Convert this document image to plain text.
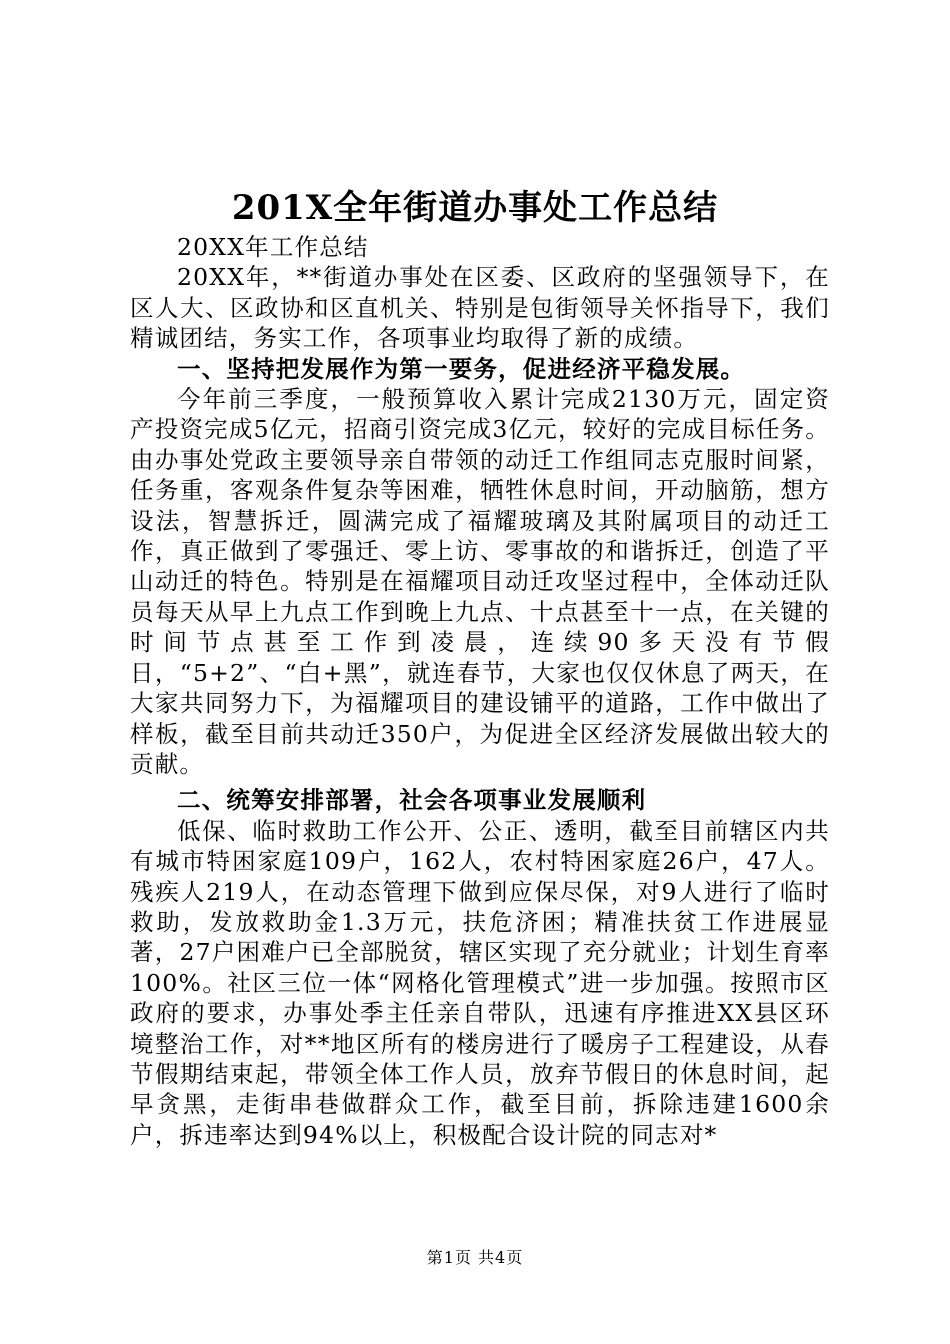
201X全年街道办事处工作总结

20XX年工作总结

20XX年，**街道办事处在区委、区政府的坚强领导下，在区人大、区政协和区直机关、特别是包街领导关怀指导下，我们精诚团结，务实工作，各项事业均取得了新的成绩。

一、坚持把发展作为第一要务，促进经济平稳发展。

今年前三季度，一般预算收入累计完成2130万元，固定资产投资完成5亿元，招商引资完成3亿元，较好的完成目标任务。由办事处党政主要领导亲自带领的动迁工作组同志克服时间紧，任务重，客观条件复杂等困难，牺牲休息时间，开动脑筋，想方设法，智慧拆迁，圆满完成了福耀玻璃及其附属项目的动迁工作，真正做到了零强迁、零上访、零事故的和谐拆迁，创造了平山动迁的特色。特别是在福耀项目动迁攻坚过程中，全体动迁队员每天从早上九点工作到晚上九点、十点甚至十一点，在关键的时间节点甚至工作到凌晨，连续90多天没有节假日，“5+2”、“白+黑”，就连春节，大家也仅仅休息了两天，在大家共同努力下，为福耀项目的建设铺平的道路，工作中做出了样板，截至目前共动迁350户，为促进全区经济发展做出较大的贡献。

二、统筹安排部署，社会各项事业发展顺利

低保、临时救助工作公开、公正、透明，截至目前辖区内共有城市特困家庭109户，162人，农村特困家庭26户，47人。残疾人219人，在动态管理下做到应保尽保，对9人进行了临时救助，发放救助金1.3万元，扶危济困；精准扶贫工作进展显著，27户困难户已全部脱贫，辖区实现了充分就业；计划生育率100%。社区三位一体“网格化管理模式”进一步加强。按照市区政府的要求，办事处季主任亲自带队，迅速有序推进XX县区环境整治工作，对**地区所有的楼房进行了暖房子工程建设，从春节假期结束起，带领全体工作人员，放弃节假日的休息时间，起早贪黑，走街串巷做群众工作，截至目前，拆除违建1600余户，拆违率达到94%以上，积极配合设计院的同志对*

第1页 共4页
